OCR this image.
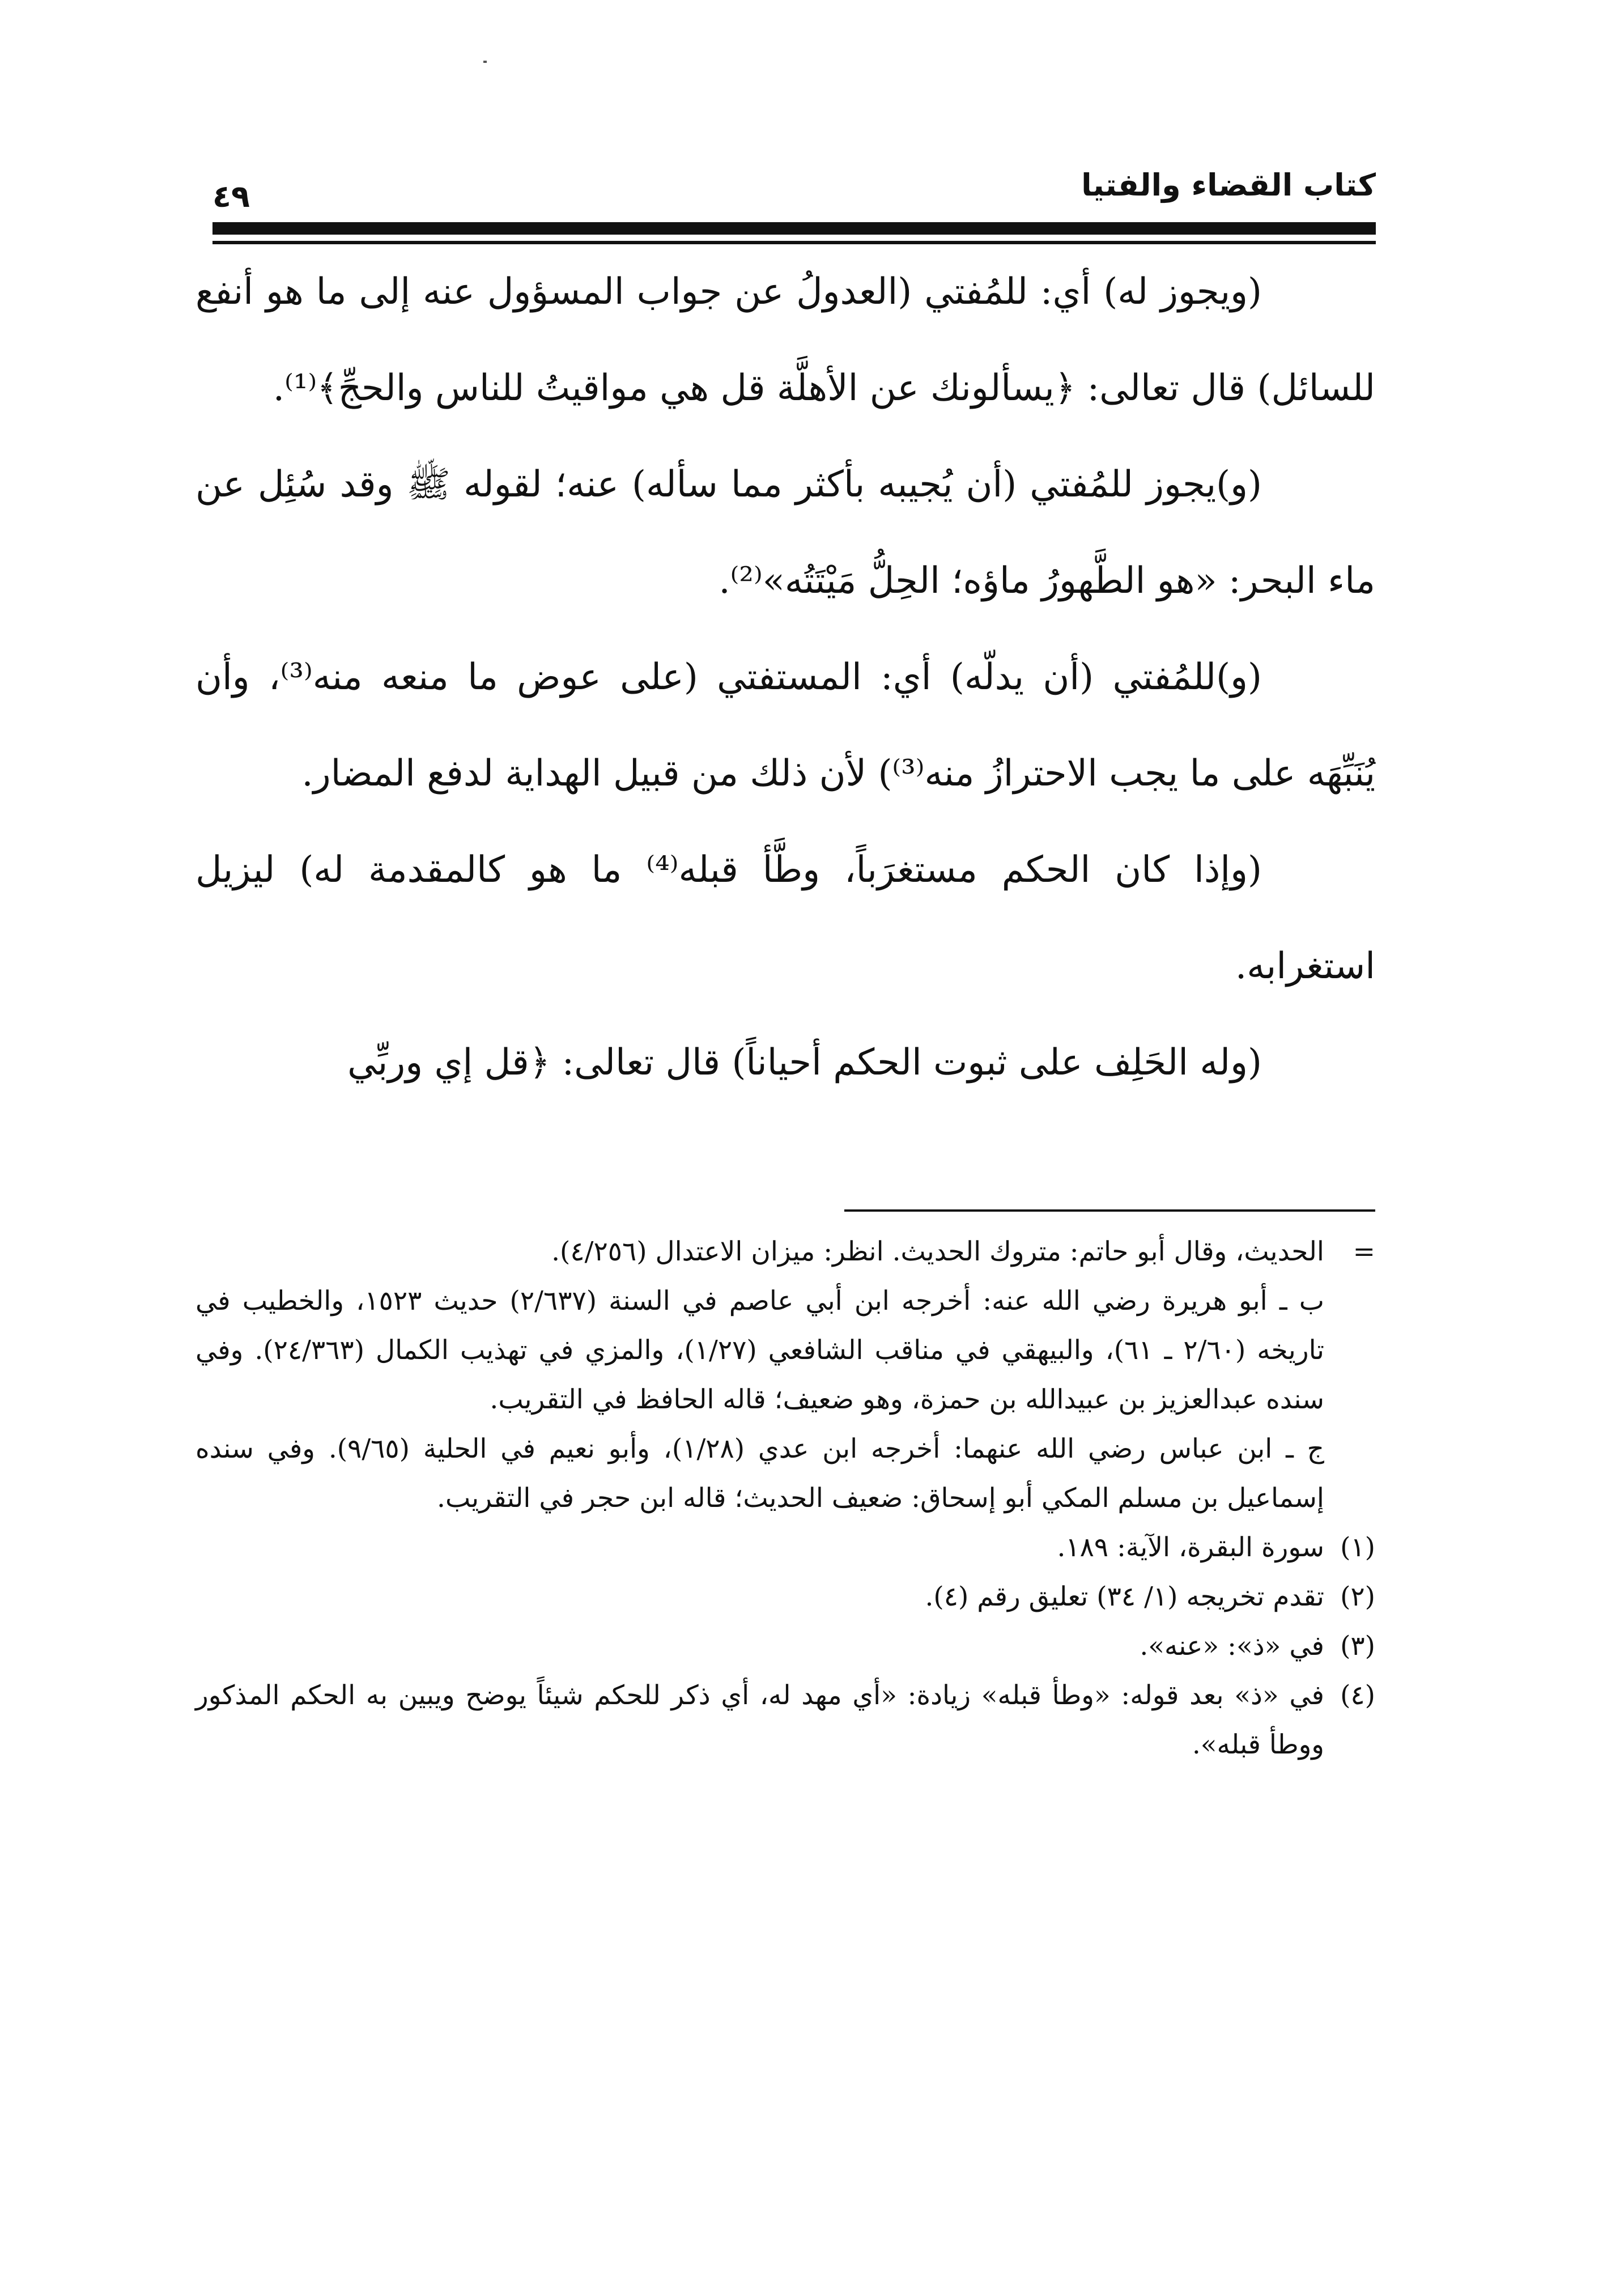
كتاب القضاء والفتيا
٤٩

(ويجوز له) أي: للمُفتي (العدولُ عن جواب المسؤول عنه إلى ما هو أنفع للسائل) قال تعالى: ﴿يسألونك عن الأهلَّة قل هي مواقيتُ للناس والحجِّ﴾⁽¹⁾.

(و)يجوز للمُفتي (أن يُجيبه بأكثر مما سأله) عنه؛ لقوله ﷺ وقد سُئِل عن ماء البحر: «هو الطَّهورُ ماؤه؛ الحِلُّ مَيْتَتُه»⁽²⁾.

(و)للمُفتي (أن يدلّه) أي: المستفتي (على عوض ما منعه منه⁽³⁾، وأن يُنَبِّهَه على ما يجب الاحترازُ منه⁽³⁾) لأن ذلك من قبيل الهداية لدفع المضار.

(وإذا كان الحكم مستغرَباً، وطَّأ قبله⁽⁴⁾ ما هو كالمقدمة له) ليزيل استغرابه.

(وله الحَلِف على ثبوت الحكم أحياناً) قال تعالى: ﴿قل إي وربِّي

=الحديث، وقال أبو حاتم: متروك الحديث. انظر: ميزان الاعتدال (٤/٢٥٦).

ب ـ أبو هريرة رضي الله عنه: أخرجه ابن أبي عاصم في السنة (٢/٦٣٧) حديث ١٥٢٣، والخطيب في تاريخه (٢/٦٠ ـ ٦١)، والبيهقي في مناقب الشافعي (١/٢٧)، والمزي في تهذيب الكمال (٢٤/٣٦٣). وفي سنده عبدالعزيز بن عبيدالله بن حمزة، وهو ضعيف؛ قاله الحافظ في التقريب.

ج ـ ابن عباس رضي الله عنهما: أخرجه ابن عدي (١/٢٨)، وأبو نعيم في الحلية (٩/٦٥). وفي سنده إسماعيل بن مسلم المكي أبو إسحاق: ضعيف الحديث؛ قاله ابن حجر في التقريب.

(١)سورة البقرة، الآية: ١٨٩.

(٢)تقدم تخريجه (١/ ٣٤) تعليق رقم (٤).

(٣)في «ذ»: «عنه».

(٤)في «ذ» بعد قوله: «وطأ قبله» زيادة: «أي مهد له، أي ذكر للحكم شيئاً يوضح ويبين به الحكم المذكور ووطأ قبله».
